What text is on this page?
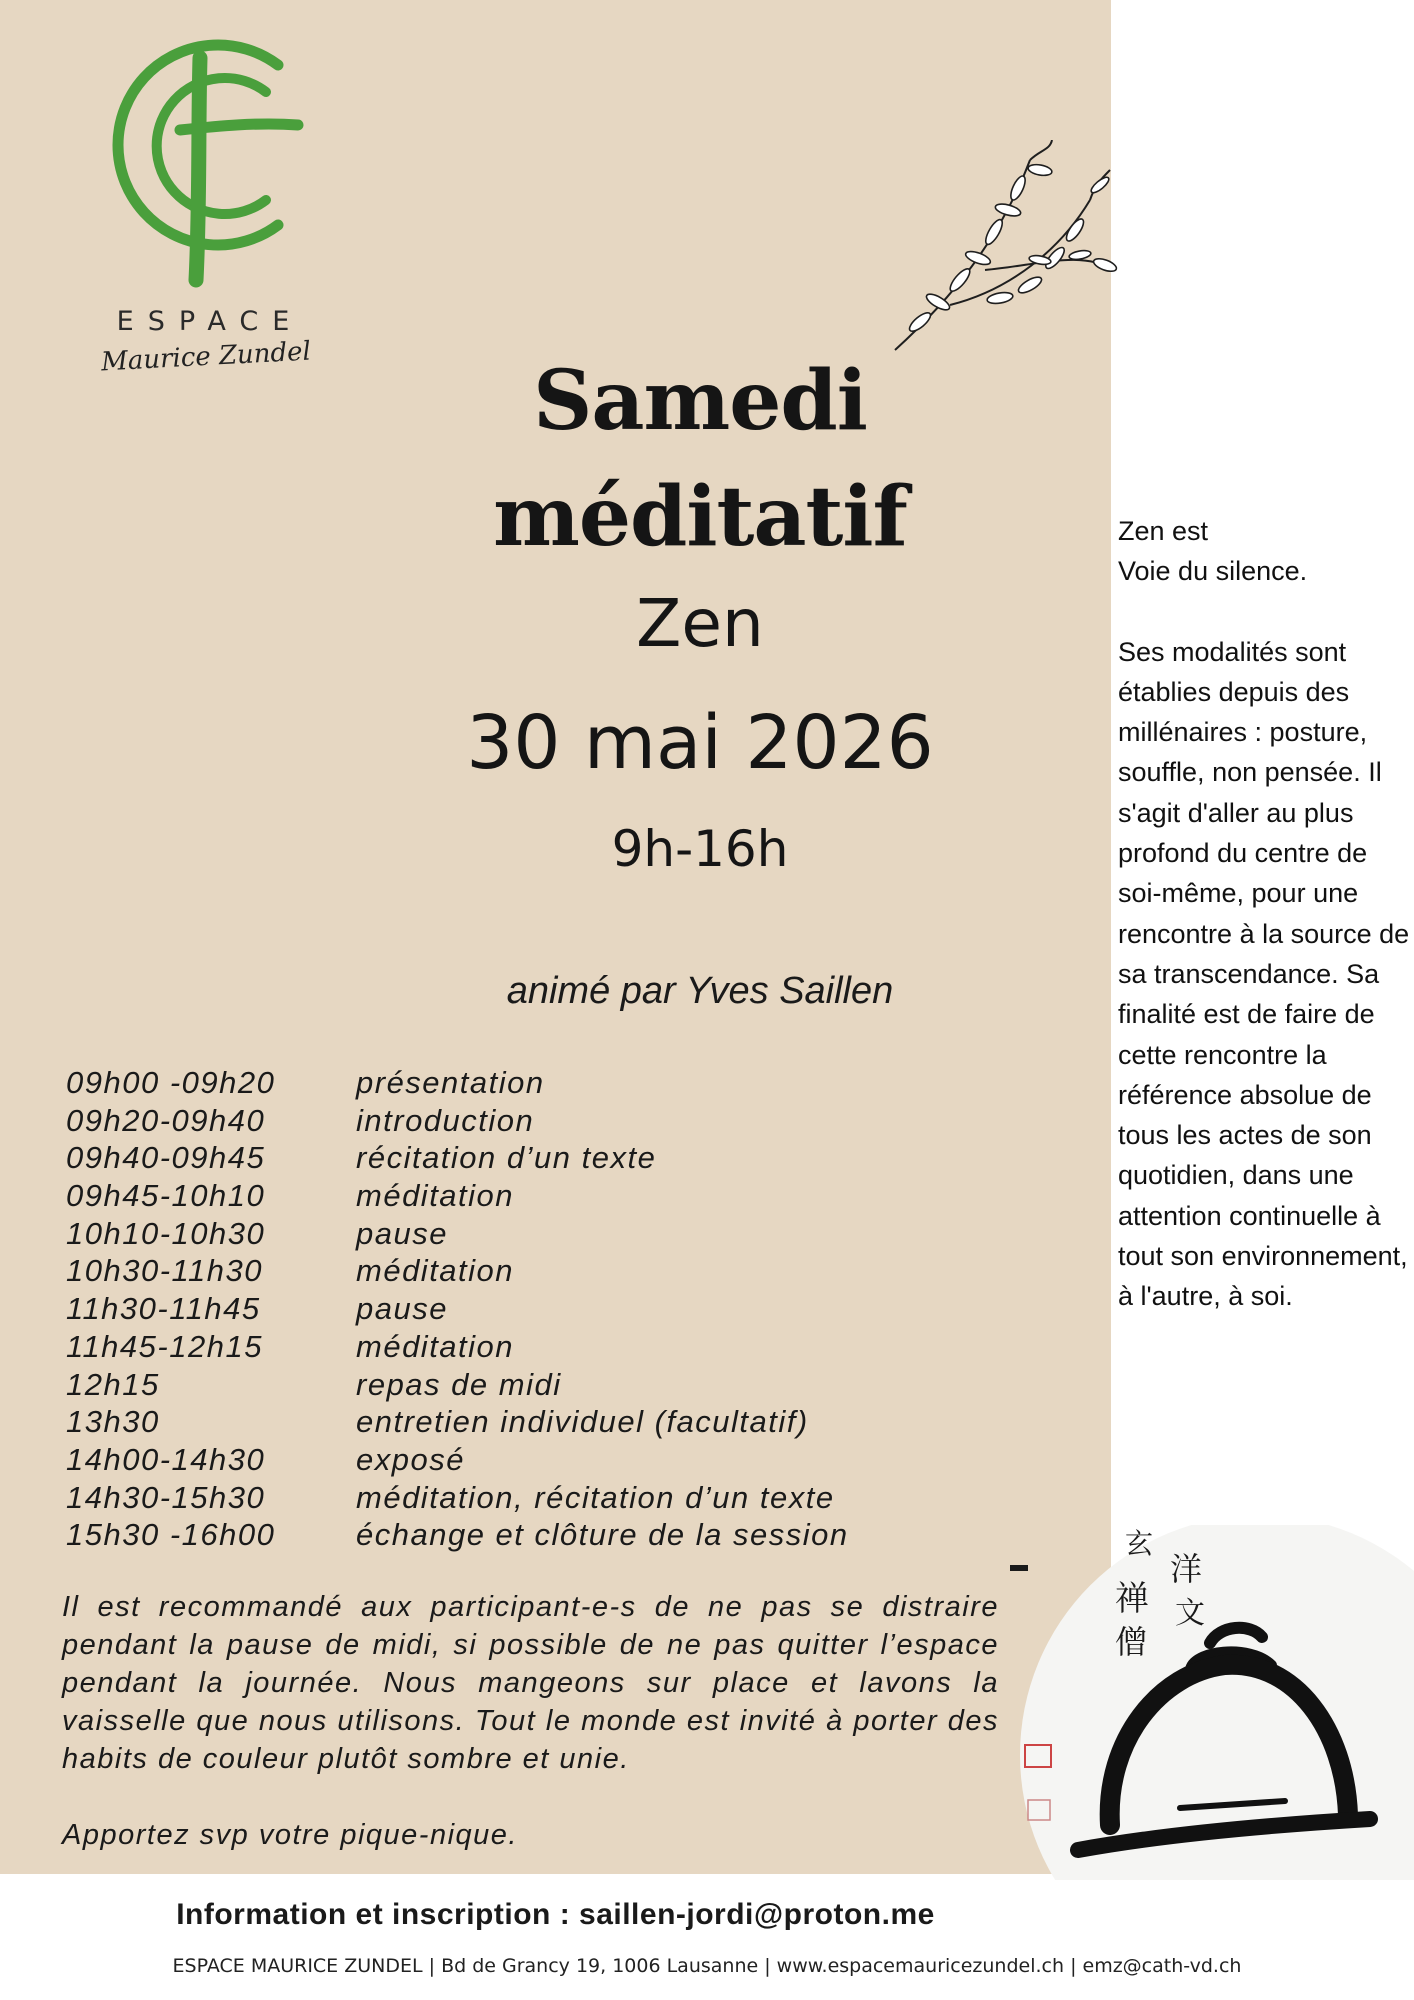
ESPACE
Maurice Zundel	Samedi
méditatif
Zen
30 mai 2026
9h-16h
animé par Yves Saillen
09h00 -09h20	présentation
09h20-09h40	introduction
09h40-09h45	récitation d’un texte
09h45-10h10	méditation
10h10-10h30	pause
10h30-11h30	méditation
11h30-11h45	pause
11h45-12h15	méditation
12h15	repas de midi
13h30	entretien individuel (facultatif)
14h00-14h30	exposé
14h30-15h30	méditation, récitation d’un texte
15h30 -16h00	échange et clôture de la session

Il est recommandé aux participant-e-s de ne pas se distraire pendant la pause de midi, si possible de ne pas quitter l’espace pendant la journée. Nous mangeons sur place et lavons la vaisselle que nous utilisons. Tout le monde est invité à porter des habits de couleur plutôt sombre et unie.

Apportez svp votre pique-nique.

Zen est

Voie du silence.

Ses modalités sont établies depuis des millénaires : posture, souffle, non pensée. Il s'agit d'aller au plus profond du centre de soi-même, pour une rencontre à la source de sa transcendance. Sa finalité est de faire de cette rencontre la référence absolue de tous les actes de son quotidien, dans une attention continuelle à tout son environnement, à l'autre, à soi.

玄
禅
僧
洋
文
Information et inscription : saillen-jordi@proton.me
ESPACE MAURICE ZUNDEL | Bd de Grancy 19, 1006 Lausanne | www.espacemauricezundel.ch | emz@cath-vd.ch
